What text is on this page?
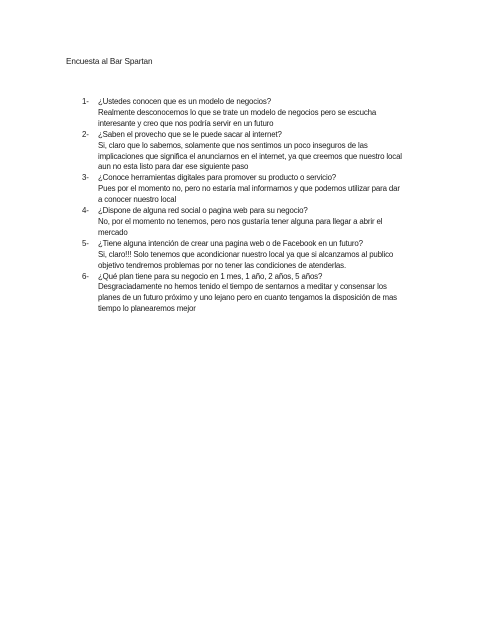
Encuesta al Bar Spartan
1- ¿Ustedes conocen que es un modelo de negocios?
Realmente desconocemos lo que se trate un modelo de negocios pero se escucha
interesante y creo que nos podría servir en un futuro
2- ¿Saben el provecho que se le puede sacar al internet?
Si, claro que lo sabemos, solamente que nos sentimos un poco inseguros de las
implicaciones que significa el anunciarnos en el internet, ya que creemos que nuestro local
aun no esta listo para dar ese siguiente paso
3- ¿Conoce herramientas digitales para promover su producto o servicio?
Pues por el momento no, pero no estaría mal informarnos y que podemos utilizar para dar
a conocer nuestro local
4- ¿Dispone de alguna red social o pagina web para su negocio?
No, por el momento no tenemos, pero nos gustaría tener alguna para llegar a abrir el
mercado
5- ¿Tiene alguna intención de crear una pagina web o de Facebook en un futuro?
Si, claro!!! Solo tenemos que acondicionar nuestro local ya que si alcanzamos al publico
objetivo tendremos problemas por no tener las condiciones de atenderlas.
6- ¿Qué plan tiene para su negocio en 1 mes, 1 año, 2 años, 5 años?
Desgraciadamente no hemos tenido el tiempo de sentarnos a meditar y consensar los
planes de un futuro próximo y uno lejano pero en cuanto tengamos la disposición de mas
tiempo lo planearemos mejor
